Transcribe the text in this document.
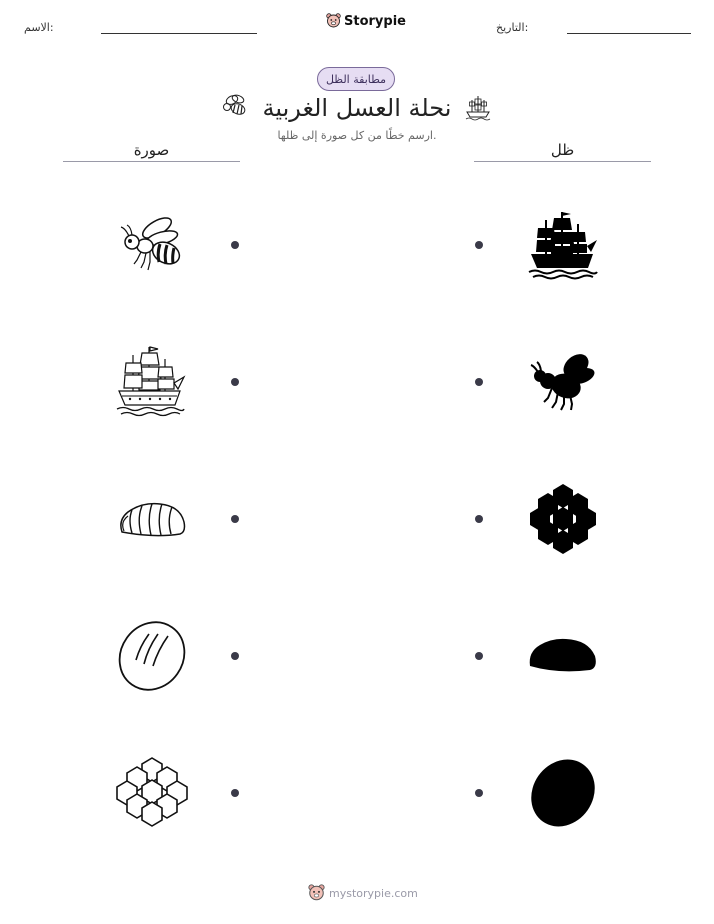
الاسم:	Storypie	التاريخ:
مطابقة الظل
نحلة العسل الغربية
ارسم خطًا من كل صورة إلى ظلها.
صورة	ظل
mystorypie.com
